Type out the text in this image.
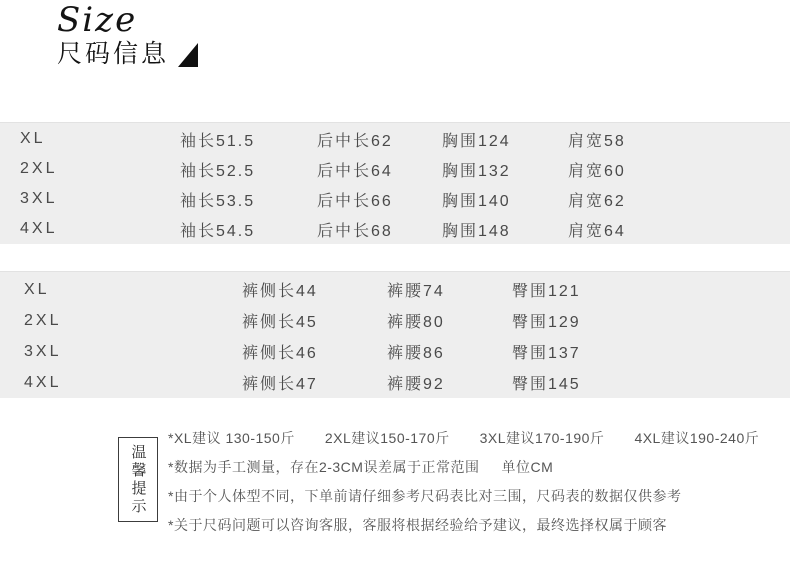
Size
尺码信息
XL	袖长51.5	后中长62	胸围124	肩宽58
2XL	袖长52.5	后中长64	胸围132	肩宽60
3XL	袖长53.5	后中长66	胸围140	肩宽62
4XL	袖长54.5	后中长68	胸围148	肩宽64
XL	裤侧长44	裤腰74	臀围121
2XL	裤侧长45	裤腰80	臀围129
3XL	裤侧长46	裤腰86	臀围137
4XL	裤侧长47	裤腰92	臀围145
温馨提示
*XL建议 130-150斤 2XL建议150-170斤 3XL建议170-190斤 4XL建议190-240斤
*数据为手工测量，存在2-3CM误差属于正常范围 单位CM
*由于个人体型不同，下单前请仔细参考尺码表比对三围，尺码表的数据仅供参考
*关于尺码问题可以咨询客服，客服将根据经验给予建议，最终选择权属于顾客
